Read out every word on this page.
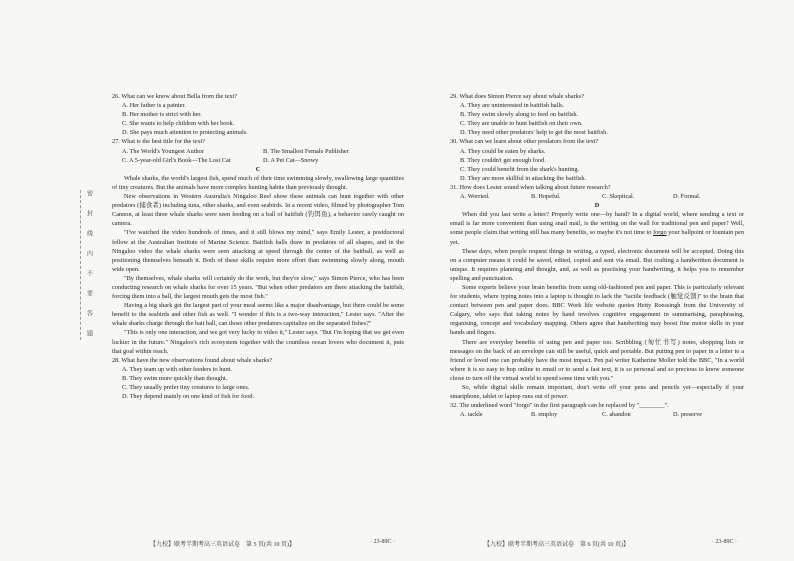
密
封
线
内
不
要
答
题

26. What can we know about Bella from the text?

A. Her father is a painter.

B. Her mother is strict with her.

C. She wants to help children with her book.

D. She pays much attention to protecting animals.

27. What is the best title for the text?

A. The World's Youngest Author	B. The Smallest Female Publisher
C. A 5-year-old Girl's Book—The Lost Cat	D. A Pet Cat—Snowy

C

Whale sharks, the world's largest fish, spend much of their time swimming slowly, swallowing large quantities of tiny creatures. But the animals have more complex hunting habits than previously thought.

New observations in Western Australia's Ningaloo Reef show these animals can hunt together with other predators (捕食者) including tuna, other sharks, and even seabirds. In a recent video, filmed by photographer Tom Cannon, at least three whale sharks were seen feeding on a ball of baitfish (钓饵鱼), a behavior rarely caught on camera.

"I've watched the video hundreds of times, and it still blows my mind," says Emily Lester, a postdoctoral fellow at the Australian Institute of Marine Science. Baitfish balls draw in predators of all shapes, and in the Ningaloo video the whale sharks were seen attacking at speed through the center of the baitball, as well as positioning themselves beneath it. Both of these skills require more effort than swimming slowly along, mouth wide open.

"By themselves, whale sharks will certainly do the work, but they're slow," says Simon Pierce, who has been conducting research on whale sharks for over 15 years. "But when other predators are there attacking the baitfish, forcing them into a ball, the largest mouth gets the most fish."

Having a big shark get the largest part of your meal seems like a major disadvantage, but there could be some benefit to the seabirds and other fish as well. "I wonder if this is a two-way interaction," Lester says. "After the whale sharks charge through the bait ball, can those other predators capitalize on the separated fishes?"

"This is only one interaction, and we got very lucky to video it," Lester says. "But I'm hoping that we get even luckier in the future." Ningaloo's rich ecosystem together with the countless ocean lovers who document it, puts that goal within reach.

28. What have the new observations found about whale sharks?

A. They team up with other feeders to hunt.

B. They swim more quickly than thought.

C. They usually prefer tiny creatures to large ones.

D. They depend mainly on one kind of fish for food.

29. What does Simon Pierce say about whale sharks?

A. They are uninterested in baitfish balls.

B. They swim slowly along to feed on baitfish.

C. They are unable to hunt baitfish on their own.

D. They need other predators' help to get the most baitfish.

30. What can we learn about other predators from the text?

A. They could be eaten by sharks.

B. They couldn't get enough food.

C. They could benefit from the shark's hunting.

D. They are more skillful in attacking the baitfish.

31. How does Lester sound when talking about future research?

A. Worried.	B. Hopeful.	C. Skeptical.	D. Formal.

D

When did you last write a letter? Properly write one—by hand? In a digital world, where sending a text or email is far more convenient than using snail mail, is the writing on the wall for traditional pen and paper? Well, some people claim that writing still has many benefits, so maybe it's not time to forgo your ballpoint or fountain pen yet.

These days, when people request things in writing, a typed, electronic document will be accepted. Doing this on a computer means it could be saved, edited, copied and sent via email. But crafting a handwritten document is unique. It requires planning and thought, and, as well as practising your handwriting, it helps you to remember spelling and punctuation.

Some experts believe your brain benefits from using old-fashioned pen and paper. This is particularly relevant for students, where typing notes into a laptop is thought to lack the "tactile feedback (触觉反馈)" to the brain that contact between pen and paper does. BBC Work life website quotes Hetty Roessingh from the University of Calgary, who says that taking notes by hand involves cognitive engagement in summarising, paraphrasing, organising, concept and vocabulary mapping. Others agree that handwriting may boost fine motor skills in your hands and fingers.

There are everyday benefits of using pen and paper too. Scribbling (匆忙书写) notes, shopping lists or messages on the back of an envelope can still be useful, quick and portable. But putting pen to paper in a letter to a friend or loved one can probably have the most impact. Pen pal writer Katherine Moller told the BBC, "In a world where it is so easy to hop online to email or to send a fast text, it is so personal and so precious to know someone chose to turn off the virtual world to spend some time with you."

So, while digital skills remain important, don't write off your pens and pencils yet—especially if your smartphone, tablet or laptop runs out of power.

32. The underlined word "forgo" in the first paragraph can be replaced by "________".

A. tackle	B. employ	C. abandon	D. preserve
【九校】联考半期考高三英语试卷　第 5 页(共 10 页)】	· 23-89C ·	【九校】联考半期考高三英语试卷　第 6 页(共 10 页)】	· 23-89C ·
